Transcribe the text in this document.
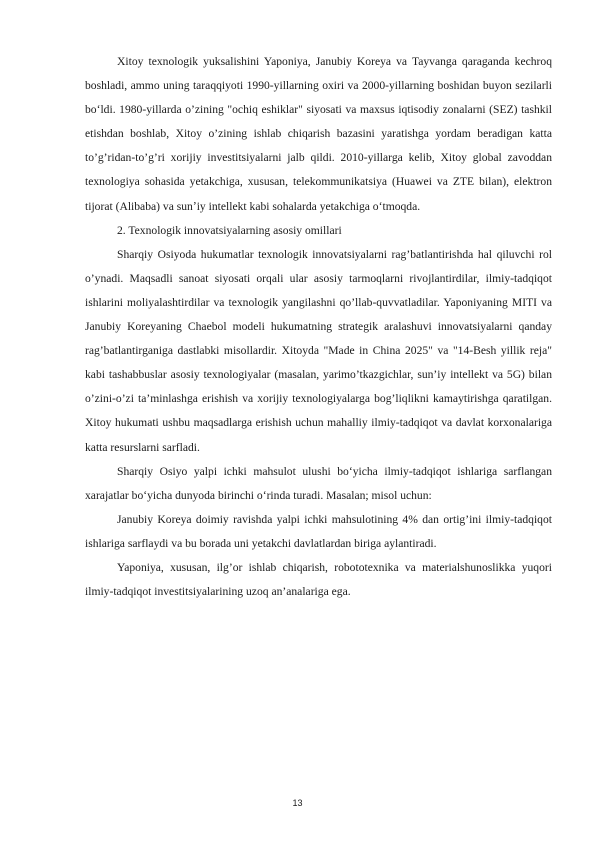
Xitoy texnologik yuksalishini Yaponiya, Janubiy Koreya va Tayvanga qaraganda kechroq boshladi, ammo uning taraqqiyoti 1990-yillarning oxiri va 2000-yillarning boshidan buyon sezilarli boʻldi. 1980-yillarda o’zining "ochiq eshiklar" siyosati va maxsus iqtisodiy zonalarni (SEZ) tashkil etishdan boshlab, Xitoy o’zining ishlab chiqarish bazasini yaratishga yordam beradigan katta to’g’ridan-to’g’ri xorijiy investitsiyalarni jalb qildi. 2010-yillarga kelib, Xitoy global zavoddan texnologiya sohasida yetakchiga, xususan, telekommunikatsiya (Huawei va ZTE bilan), elektron tijorat (Alibaba) va sunʼiy intellekt kabi sohalarda yetakchiga oʻtmoqda.

2. Texnologik innovatsiyalarning asosiy omillari

Sharqiy Osiyoda hukumatlar texnologik innovatsiyalarni rag’batlantirishda hal qiluvchi rol o’ynadi. Maqsadli sanoat siyosati orqali ular asosiy tarmoqlarni rivojlantirdilar, ilmiy-tadqiqot ishlarini moliyalashtirdilar va texnologik yangilashni qo’llab-quvvatladilar. Yaponiyaning MITI va Janubiy Koreyaning Chaebol modeli hukumatning strategik aralashuvi innovatsiyalarni qanday rag’batlantirganiga dastlabki misollardir. Xitoyda "Made in China 2025" va "14-Besh yillik reja" kabi tashabbuslar asosiy texnologiyalar (masalan, yarimo’tkazgichlar, sun’iy intellekt va 5G) bilan o’zini-o’zi ta’minlashga erishish va xorijiy texnologiyalarga bog’liqlikni kamaytirishga qaratilgan. Xitoy hukumati ushbu maqsadlarga erishish uchun mahalliy ilmiy-tadqiqot va davlat korxonalariga katta resurslarni sarfladi.

Sharqiy Osiyo yalpi ichki mahsulot ulushi boʻyicha ilmiy-tadqiqot ishlariga sarflangan xarajatlar boʻyicha dunyoda birinchi oʻrinda turadi. Masalan; misol uchun:

Janubiy Koreya doimiy ravishda yalpi ichki mahsulotining 4% dan ortig’ini ilmiy-tadqiqot ishlariga sarflaydi va bu borada uni yetakchi davlatlardan biriga aylantiradi.

Yaponiya, xususan, ilg’or ishlab chiqarish, robototexnika va materialshunoslikka yuqori ilmiy-tadqiqot investitsiyalarining uzoq an’analariga ega.

13
